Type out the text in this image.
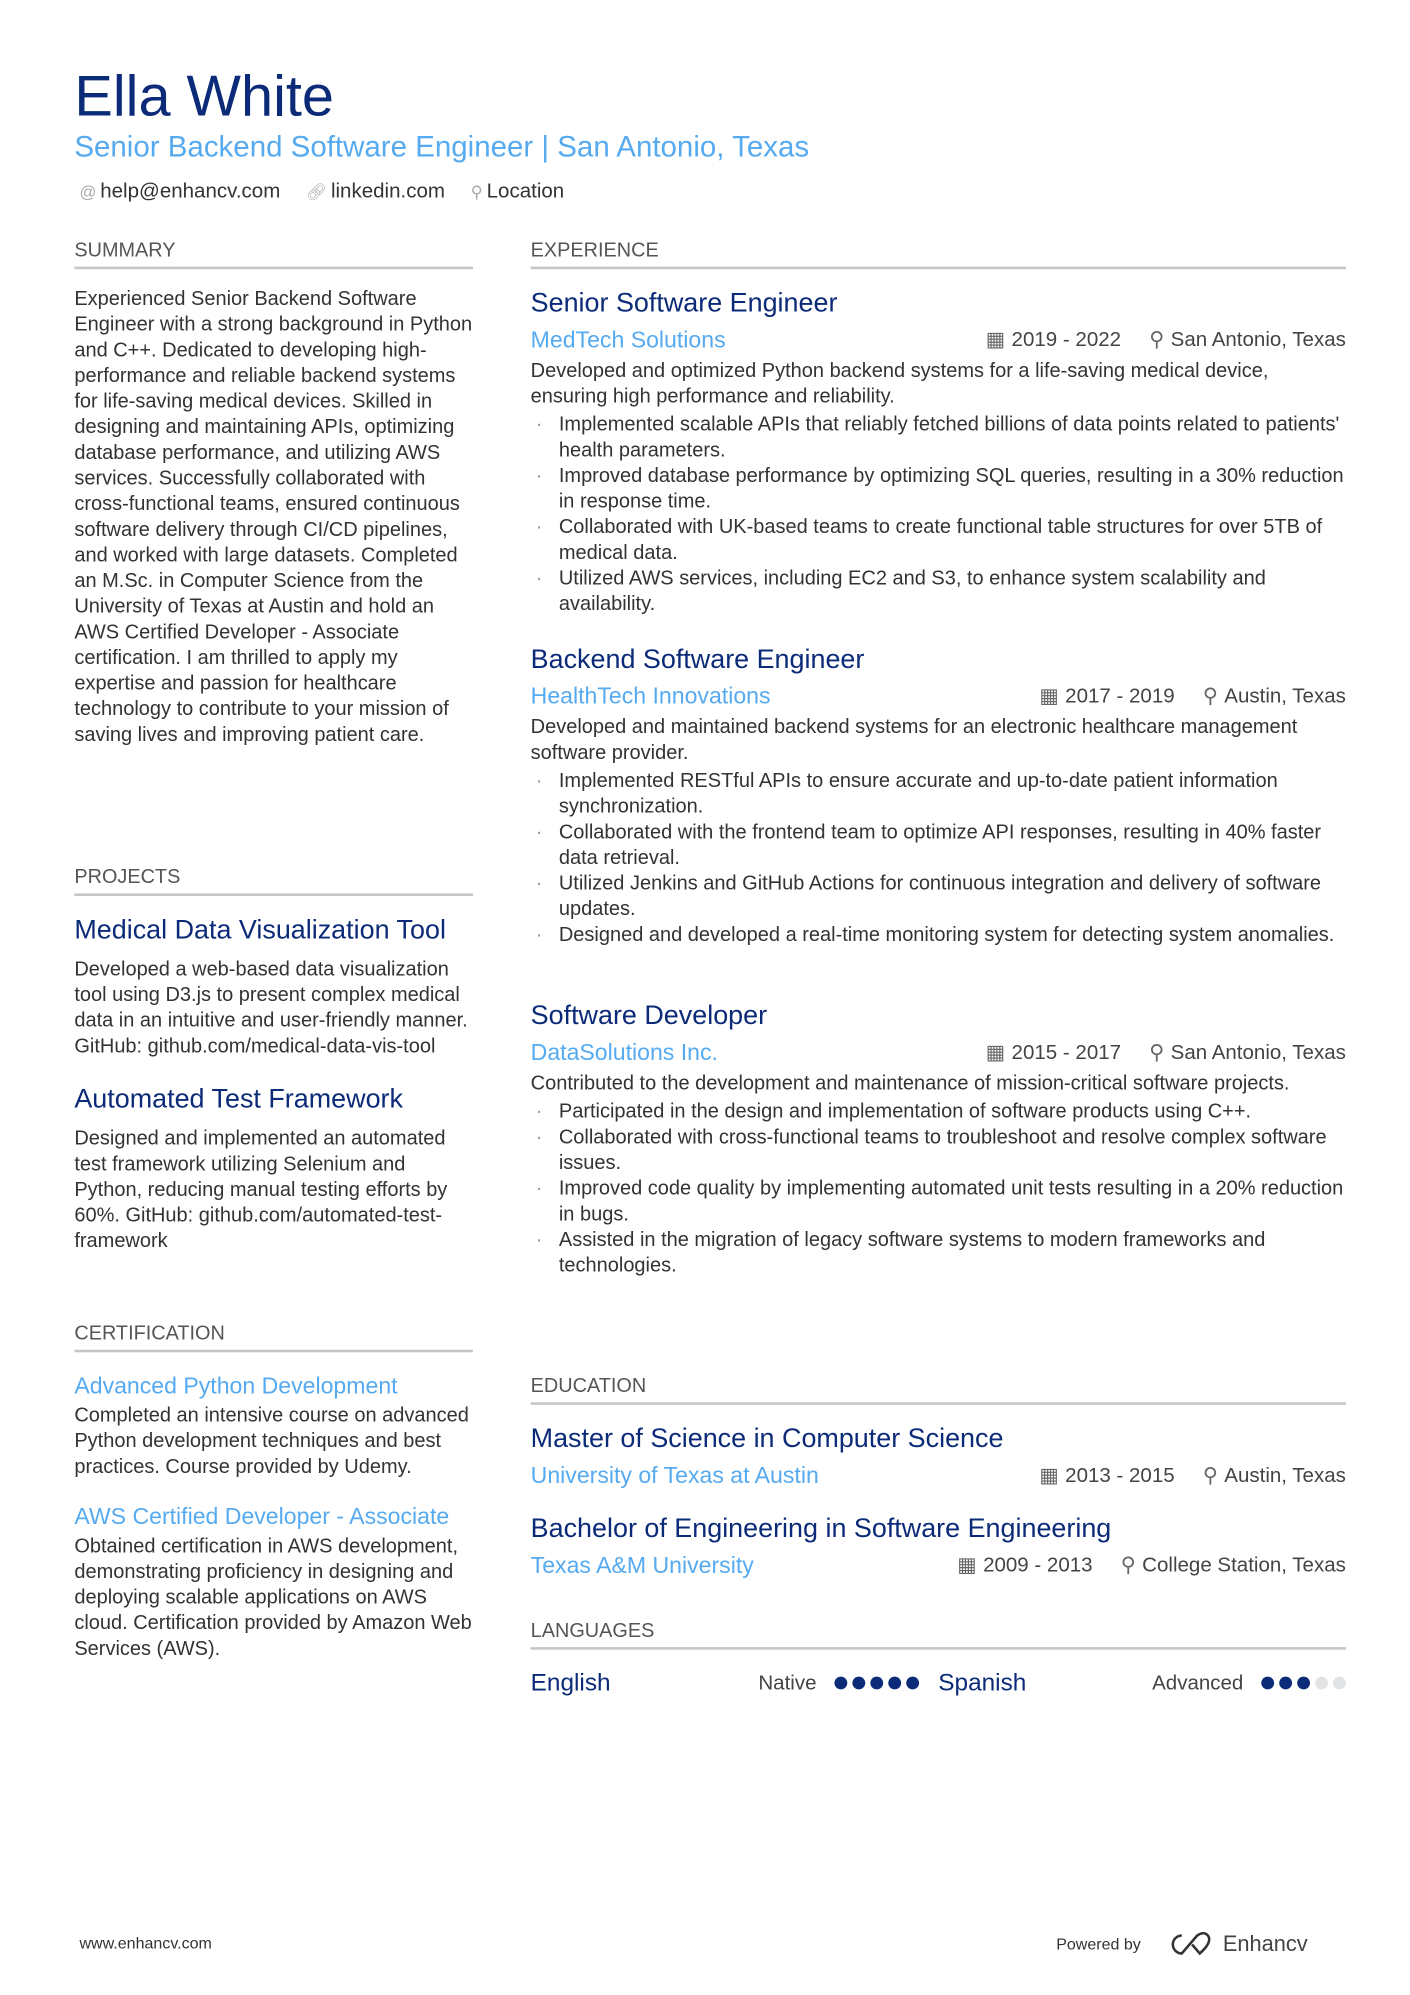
Ella White
Senior Backend Software Engineer | San Antonio, Texas
@ help@enhancv.com 🔗︎ linkedin.com ⚲ Location
SUMMARY
Experienced Senior Backend Software Engineer with a strong background in Python and C++. Dedicated to developing high-performance and reliable backend systems for life-saving medical devices. Skilled in designing and maintaining APIs, optimizing database performance, and utilizing AWS services. Successfully collaborated with cross-functional teams, ensured continuous software delivery through CI/CD pipelines, and worked with large datasets. Completed an M.Sc. in Computer Science from the University of Texas at Austin and hold an AWS Certified Developer - Associate certification. I am thrilled to apply my expertise and passion for healthcare technology to contribute to your mission of saving lives and improving patient care.
PROJECTS
Medical Data Visualization Tool
Developed a web-based data visualization tool using D3.js to present complex medical data in an intuitive and user-friendly manner. GitHub: github.com/medical-data-vis-tool
Automated Test Framework
Designed and implemented an automated test framework utilizing Selenium and Python, reducing manual testing efforts by 60%. GitHub: github.com/automated-test-framework
CERTIFICATION
Advanced Python Development
Completed an intensive course on advanced Python development techniques and best practices. Course provided by Udemy.
AWS Certified Developer - Associate
Obtained certification in AWS development, demonstrating proficiency in designing and deploying scalable applications on AWS cloud. Certification provided by Amazon Web Services (AWS).
EXPERIENCE
Senior Software Engineer
MedTech Solutions	▦ 2019 - 2022 ⚲ San Antonio, Texas
Developed and optimized Python backend systems for a life-saving medical device, ensuring high performance and reliability.
· Implemented scalable APIs that reliably fetched billions of data points related to patients' health parameters.
· Improved database performance by optimizing SQL queries, resulting in a 30% reduction in response time.
· Collaborated with UK-based teams to create functional table structures for over 5TB of medical data.
· Utilized AWS services, including EC2 and S3, to enhance system scalability and availability.
Backend Software Engineer
HealthTech Innovations	▦ 2017 - 2019 ⚲ Austin, Texas
Developed and maintained backend systems for an electronic healthcare management software provider.
· Implemented RESTful APIs to ensure accurate and up-to-date patient information synchronization.
· Collaborated with the frontend team to optimize API responses, resulting in 40% faster data retrieval.
· Utilized Jenkins and GitHub Actions for continuous integration and delivery of software updates.
· Designed and developed a real-time monitoring system for detecting system anomalies.
Software Developer
DataSolutions Inc.	▦ 2015 - 2017 ⚲ San Antonio, Texas
Contributed to the development and maintenance of mission-critical software projects.
· Participated in the design and implementation of software products using C++.
· Collaborated with cross-functional teams to troubleshoot and resolve complex software issues.
· Improved code quality by implementing automated unit tests resulting in a 20% reduction in bugs.
· Assisted in the migration of legacy software systems to modern frameworks and technologies.
EDUCATION
Master of Science in Computer Science
University of Texas at Austin	▦ 2013 - 2015 ⚲ Austin, Texas
Bachelor of Engineering in Software Engineering
Texas A&M University	▦ 2009 - 2013 ⚲ College Station, Texas
LANGUAGES
English	Native	Spanish	Advanced
www.enhancv.com	Powered by	Enhancv
